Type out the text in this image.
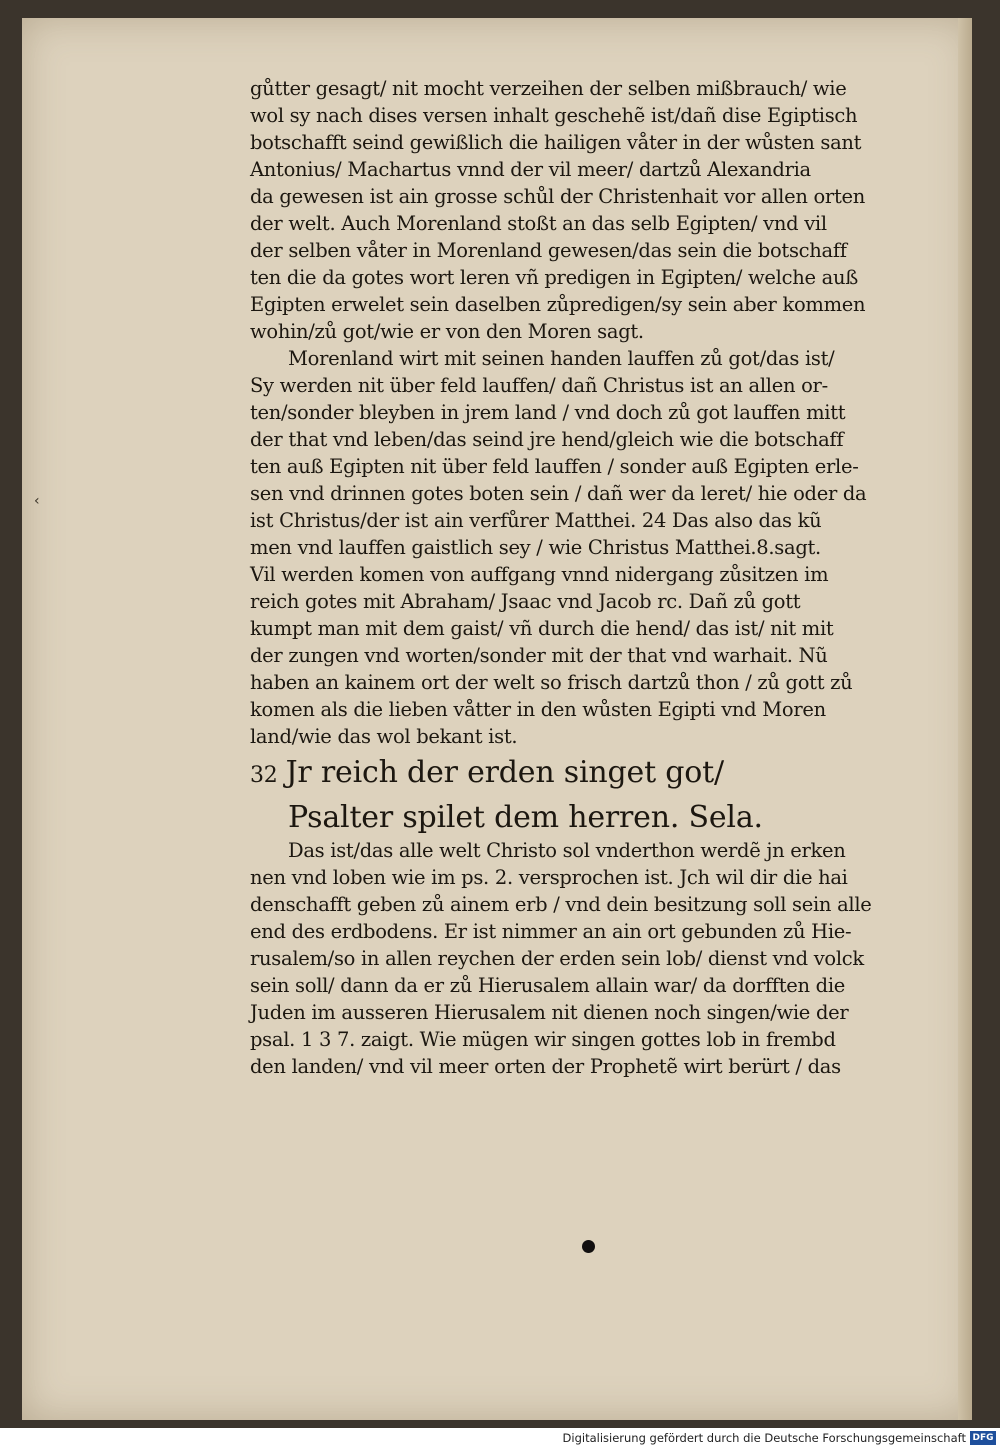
‹
gůtter gesagt/ nit mocht verzeihen der selben mißbrauch/ wie
wol sy nach dises versen inhalt geschehẽ ist/dañ dise Egiptisch
botschafft seind gewißlich die hailigen våter in der wůsten sant
Antonius/ Machartus vnnd der vil meer/ dartzů Alexandria
da gewesen ist ain grosse schůl der Christenhait vor allen orten
der welt. Auch Morenland stoßt an das selb Egipten/ vnd vil
der selben våter in Morenland gewesen/das sein die botschaff
ten die da gotes wort leren vñ predigen in Egipten/ welche auß
Egipten erwelet sein daselben zůpredigen/sy sein aber kommen
wohin/zů got/wie er von den Moren sagt.
Morenland wirt mit seinen handen lauffen zů got/das ist/
Sy werden nit über feld lauffen/ dañ Christus ist an allen or-
ten/sonder bleyben in jrem land / vnd doch zů got lauffen mitt
der that vnd leben/das seind jre hend/gleich wie die botschaff
ten auß Egipten nit über feld lauffen / sonder auß Egipten erle-
sen vnd drinnen gotes boten sein / dañ wer da leret/ hie oder da
ist Christus/der ist ain verfůrer Matthei. 24 Das also das kũ
men vnd lauffen gaistlich sey / wie Christus Matthei.8.sagt.
Vil werden komen von auffgang vnnd nidergang zůsitzen im
reich gotes mit Abraham/ Jsaac vnd Jacob rc. Dañ zů gott
kumpt man mit dem gaist/ vñ durch die hend/ das ist/ nit mit
der zungen vnd worten/sonder mit der that vnd warhait. Nũ
haben an kainem ort der welt so frisch dartzů thon / zů gott zů
komen als die lieben våtter in den wůsten Egipti vnd Moren
land/wie das wol bekant ist.
32 Jr reich der erden singet got/
Psalter spilet dem herren. Sela.
Das ist/das alle welt Christo sol vnderthon werdẽ jn erken
nen vnd loben wie im ps. 2. versprochen ist. Jch wil dir die hai
denschafft geben zů ainem erb / vnd dein besitzung soll sein alle
end des erdbodens. Er ist nimmer an ain ort gebunden zů Hie-
rusalem/so in allen reychen der erden sein lob/ dienst vnd volck
sein soll/ dann da er zů Hierusalem allain war/ da dorfften die
Juden im ausseren Hierusalem nit dienen noch singen/wie der
psal. 1 3 7. zaigt. Wie mügen wir singen gottes lob in frembd
den landen/ vnd vil meer orten der Prophetẽ wirt berürt / das
Digitalisierung gefördert durch die Deutsche Forschungsgemeinschaft DFG
